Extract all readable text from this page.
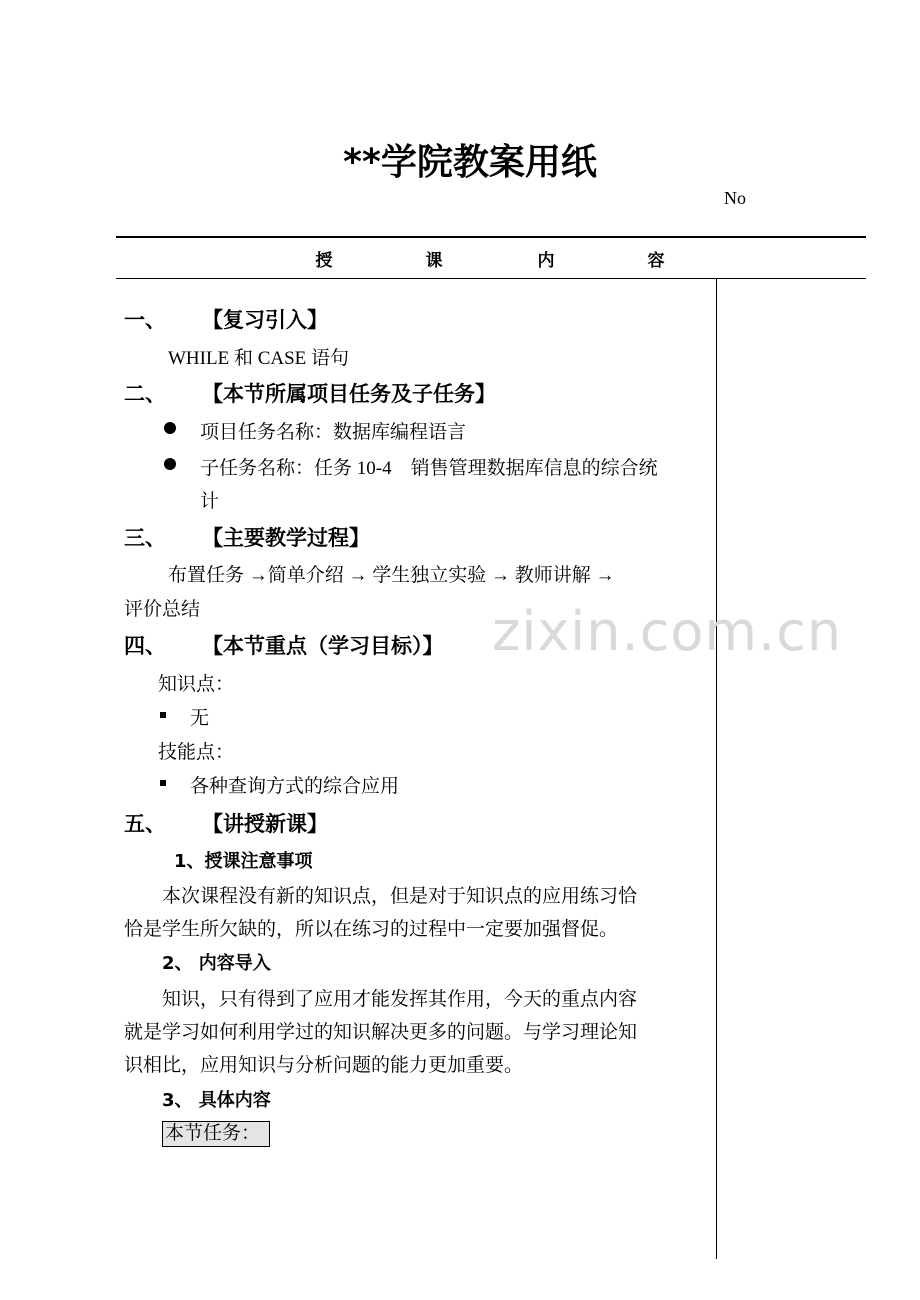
**学院教案用纸
No
授	课	内	容
zixin.com.cn
一、 【复习引入】
WHILE 和 CASE 语句
二、 【本节所属项目任务及子任务】
项目任务名称：数据库编程语言
子任务名称：任务 10-4　销售管理数据库信息的综合统
计
三、 【主要教学过程】
布置任务 →简单介绍 → 学生独立实验 → 教师讲解 →
评价总结
四、 【本节重点（学习目标）】
知识点：
无
技能点：
各种查询方式的综合应用
五、 【讲授新课】
1、授课注意事项
本次课程没有新的知识点，但是对于知识点的应用练习恰
恰是学生所欠缺的，所以在练习的过程中一定要加强督促。
2、 内容导入
知识，只有得到了应用才能发挥其作用，今天的重点内容
就是学习如何利用学过的知识解决更多的问题。与学习理论知
识相比，应用知识与分析问题的能力更加重要。
3、 具体内容
本节任务：
